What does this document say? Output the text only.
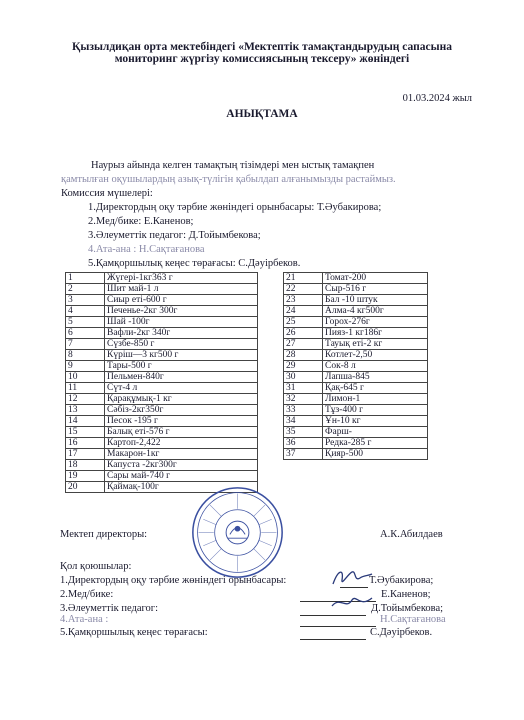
Қызылдиқан орта мектебіндегі «Мектептік тамақтандырудың сапасына
мониторинг жүргізу комиссиясының тексеру» жөніндегі
01.03.2024 жыл
АНЫҚТАМА
Наурыз айында келген тамақтың тізімдері мен ыстық тамақпен
қамтылған оқушылардың азық-түлігін қабылдап алғанымызды растаймыз.
Комиссия мүшелері:
1.Директордың оқу тәрбие жөніндегі орынбасары: Т.Әубакирова;
2.Мед/бике: Е.Каненов;
3.Әлеуметтік педагог: Д.Тойымбекова;
4.Ата-ана : Н.Сақтағанова
5.Қамқоршылық кеңес төрағасы: С.Дәуірбеков.
1	Жүгері-1кг363 г
2	Шит май-1 л
3	Сиыр еті-600 г
4	Печенье-2кг 300г
5	Шай -100г
6	Вафли-2кг 340г
7	Сүзбе-850 г
8	Күріш—3 кг500 г
9	Тары-500 г
10	Пельмен-840г
11	Сүт-4 л
12	Қарақұмық-1 кг
13	Сәбіз-2кг350г
14	Песок -195 г
15	Балық еті-576 г
16	Картоп-2,422
17	Макарон-1кг
18	Капуста -2кг300г
19	Сары май-740 г
20	Қаймақ-100г
21	Томат-200
22	Сыр-516 г
23	Бал -10 штук
24	Алма-4 кг500г
25	Горох-276г
26	Пияз-1 кг186г
27	Тауық еті-2 кг
28	Котлет-2,50
29	Сок-8 л
30	Лапша-845
31	Қақ-645 г
32	Лимон-1
33	Тұз-400 г
34	Ұн-10 кг
35	Фарш-
36	Редка-285 г
37	Қияр-500
Мектеп директоры:	А.К.Абилдаев
Қол қоюшылар:
1.Директордың оқу тәрбие жөніндегі орынбасары:	Т.Әубакирова;
2.Мед/бике:	Е.Каненов;
3.Әлеуметтік педагог:	Д.Тойымбекова;
4.Ата-ана :	Н.Сақтағанова
5.Қамқоршылық кеңес төрағасы:	С.Дәуірбеков.
